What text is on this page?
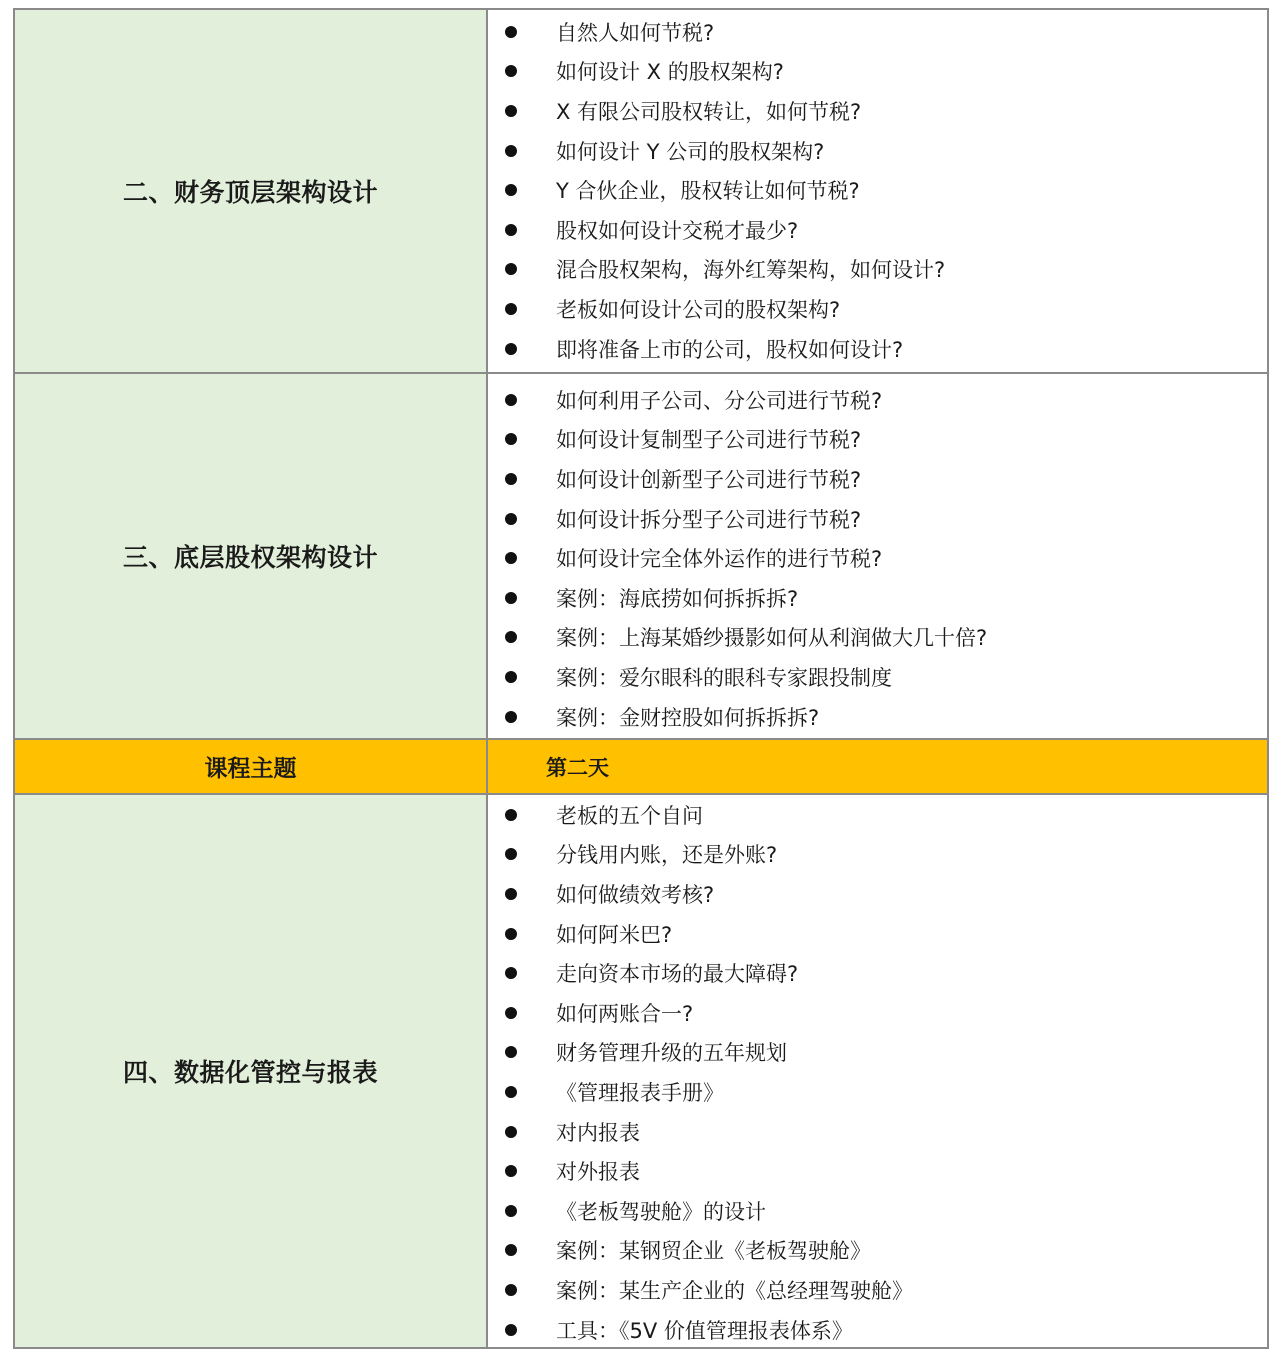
二、财务顶层架构设计
自然人如何节税?
如何设计 X 的股权架构?
X 有限公司股权转让，如何节税?
如何设计 Y 公司的股权架构?
Y 合伙企业，股权转让如何节税?
股权如何设计交税才最少?
混合股权架构，海外红筹架构，如何设计?
老板如何设计公司的股权架构?
即将准备上市的公司，股权如何设计?
三、底层股权架构设计
如何利用子公司、分公司进行节税?
如何设计复制型子公司进行节税?
如何设计创新型子公司进行节税?
如何设计拆分型子公司进行节税?
如何设计完全体外运作的进行节税?
案例：海底捞如何拆拆拆?
案例：上海某婚纱摄影如何从利润做大几十倍?
案例：爱尔眼科的眼科专家跟投制度
案例：金财控股如何拆拆拆?
课程主题	第二天
四、数据化管控与报表
老板的五个自问
分钱用内账，还是外账?
如何做绩效考核?
如何阿米巴?
走向资本市场的最大障碍?
如何两账合一?
财务管理升级的五年规划
《管理报表手册》
对内报表
对外报表
《老板驾驶舱》的设计
案例：某钢贸企业《老板驾驶舱》
案例：某生产企业的《总经理驾驶舱》
工具：《5V 价值管理报表体系》
